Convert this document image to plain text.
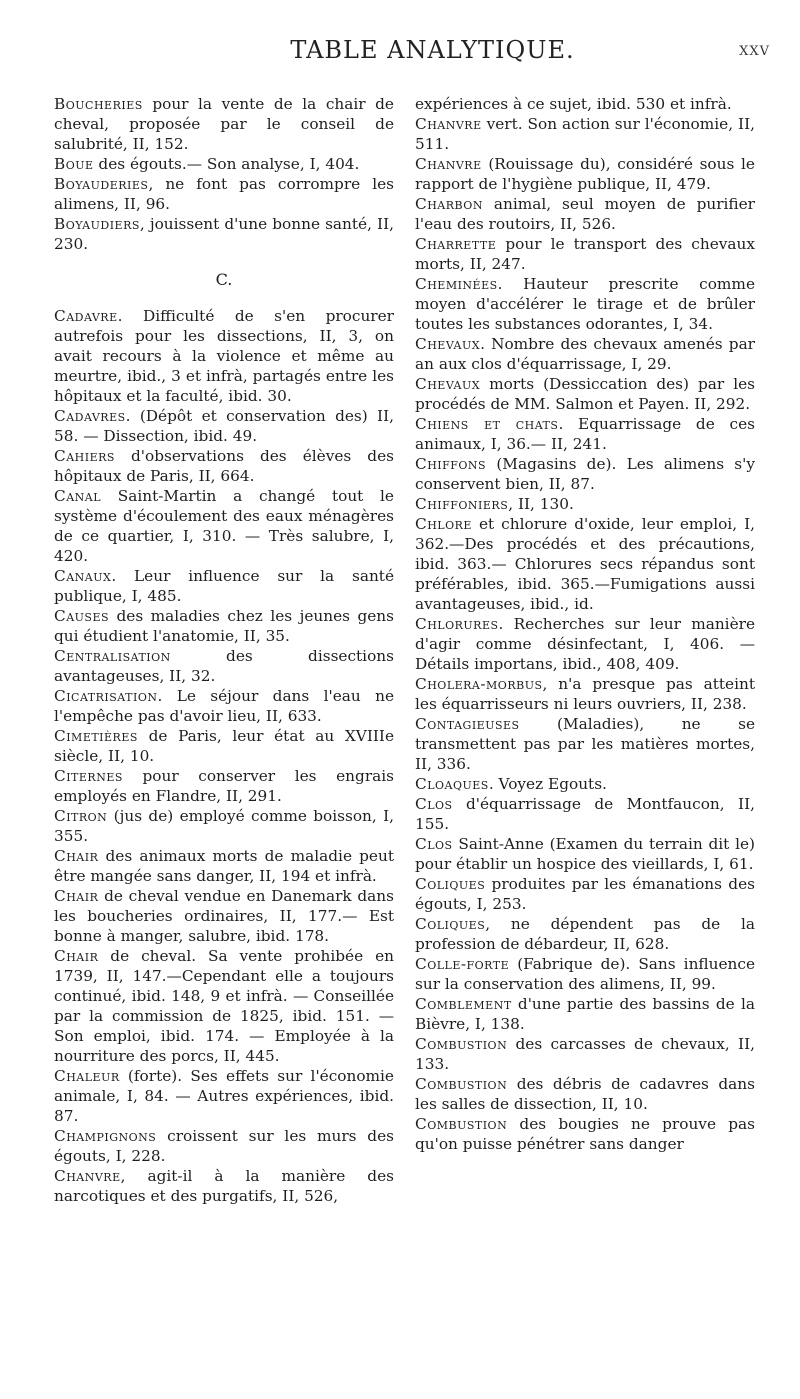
TABLE ANALYTIQUE.	XXV

Boucheries pour la vente de la chair de cheval, proposée par le conseil de salubrité, II, 152.

Boue des égouts.— Son analyse, I, 404.

Boyauderies, ne font pas corrompre les alimens, II, 96.

Boyaudiers, jouissent d'une bonne santé, II, 230.

C.

Cadavre. Difficulté de s'en procurer autrefois pour les dissections, II, 3, on avait recours à la violence et même au meurtre, ibid., 3 et infrà, partagés entre les hôpitaux et la faculté, ibid. 30.

Cadavres. (Dépôt et conservation des) II, 58. — Dissection, ibid. 49.

Cahiers d'observations des élèves des hôpitaux de Paris, II, 664.

Canal Saint-Martin a changé tout le système d'écoulement des eaux ménagères de ce quartier, I, 310. — Très salubre, I, 420.

Canaux. Leur influence sur la santé publique, I, 485.

Causes des maladies chez les jeunes gens qui étudient l'anatomie, II, 35.

Centralisation des dissections avantageuses, II, 32.

Cicatrisation. Le séjour dans l'eau ne l'empêche pas d'avoir lieu, II, 633.

Cimetières de Paris, leur état au XVIIIe siècle, II, 10.

Citernes pour conserver les engrais employés en Flandre, II, 291.

Citron (jus de) employé comme boisson, I, 355.

Chair des animaux morts de maladie peut être mangée sans danger, II, 194 et infrà.

Chair de cheval vendue en Danemark dans les boucheries ordinaires, II, 177.— Est bonne à manger, salubre, ibid. 178.

Chair de cheval. Sa vente prohibée en 1739, II, 147.—Cependant elle a toujours continué, ibid. 148, 9 et infrà. — Conseillée par la commission de 1825, ibid. 151. — Son emploi, ibid. 174. — Employée à la nourriture des porcs, II, 445.

Chaleur (forte). Ses effets sur l'économie animale, I, 84. — Autres expériences, ibid. 87.

Champignons croissent sur les murs des égouts, I, 228.

Chanvre, agit-il à la manière des narcotiques et des purgatifs, II, 526,

expériences à ce sujet, ibid. 530 et infrà.

Chanvre vert. Son action sur l'économie, II, 511.

Chanvre (Rouissage du), considéré sous le rapport de l'hygiène publique, II, 479.

Charbon animal, seul moyen de purifier l'eau des routoirs, II, 526.

Charrette pour le transport des chevaux morts, II, 247.

Cheminées. Hauteur prescrite comme moyen d'accélérer le tirage et de brûler toutes les substances odorantes, I, 34.

Chevaux. Nombre des chevaux amenés par an aux clos d'équarrissage, I, 29.

Chevaux morts (Dessiccation des) par les procédés de MM. Salmon et Payen. II, 292.

Chiens et chats. Equarrissage de ces animaux, I, 36.— II, 241.

Chiffons (Magasins de). Les alimens s'y conservent bien, II, 87.

Chiffoniers, II, 130.

Chlore et chlorure d'oxide, leur emploi, I, 362.—Des procédés et des précautions, ibid. 363.— Chlorures secs répandus sont préférables, ibid. 365.—Fumigations aussi avantageuses, ibid., id.

Chlorures. Recherches sur leur manière d'agir comme désinfectant, I, 406. — Détails importans, ibid., 408, 409.

Cholera-morbus, n'a presque pas atteint les équarrisseurs ni leurs ouvriers, II, 238.

Contagieuses (Maladies), ne se transmettent pas par les matières mortes, II, 336.

Cloaques. Voyez Egouts.

Clos d'équarrissage de Montfaucon, II, 155.

Clos Saint-Anne (Examen du terrain dit le) pour établir un hospice des vieillards, I, 61.

Coliques produites par les émanations des égouts, I, 253.

Coliques, ne dépendent pas de la profession de débardeur, II, 628.

Colle-forte (Fabrique de). Sans influence sur la conservation des alimens, II, 99.

Comblement d'une partie des bassins de la Bièvre, I, 138.

Combustion des carcasses de chevaux, II, 133.

Combustion des débris de cadavres dans les salles de dissection, II, 10.

Combustion des bougies ne prouve pas qu'on puisse pénétrer sans danger
